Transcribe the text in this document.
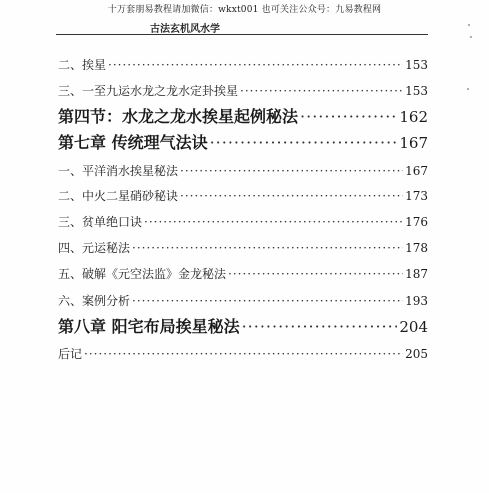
十万套朋易教程请加微信：wkxt001 也可关注公众号：九易教程网
古法玄机风水学
二、挨星 ·····	153
三、一至九运水龙之龙水定卦挨星 ·····	153
第四节：水龙之龙水挨星起例秘法 ·····	162
第七章 传统理气法诀 ·····	167
一、平洋消水挨星秘法 ·····	167
二、中火二星硝砂秘诀 ·····	173
三、贫单绝口诀 ·····	176
四、元运秘法 ·····	178
五、破解《元空法监》金龙秘法 ·····	187
六、案例分析 ·····	193
第八章 阳宅布局挨星秘法 ·····	204
后记 ·····	205
